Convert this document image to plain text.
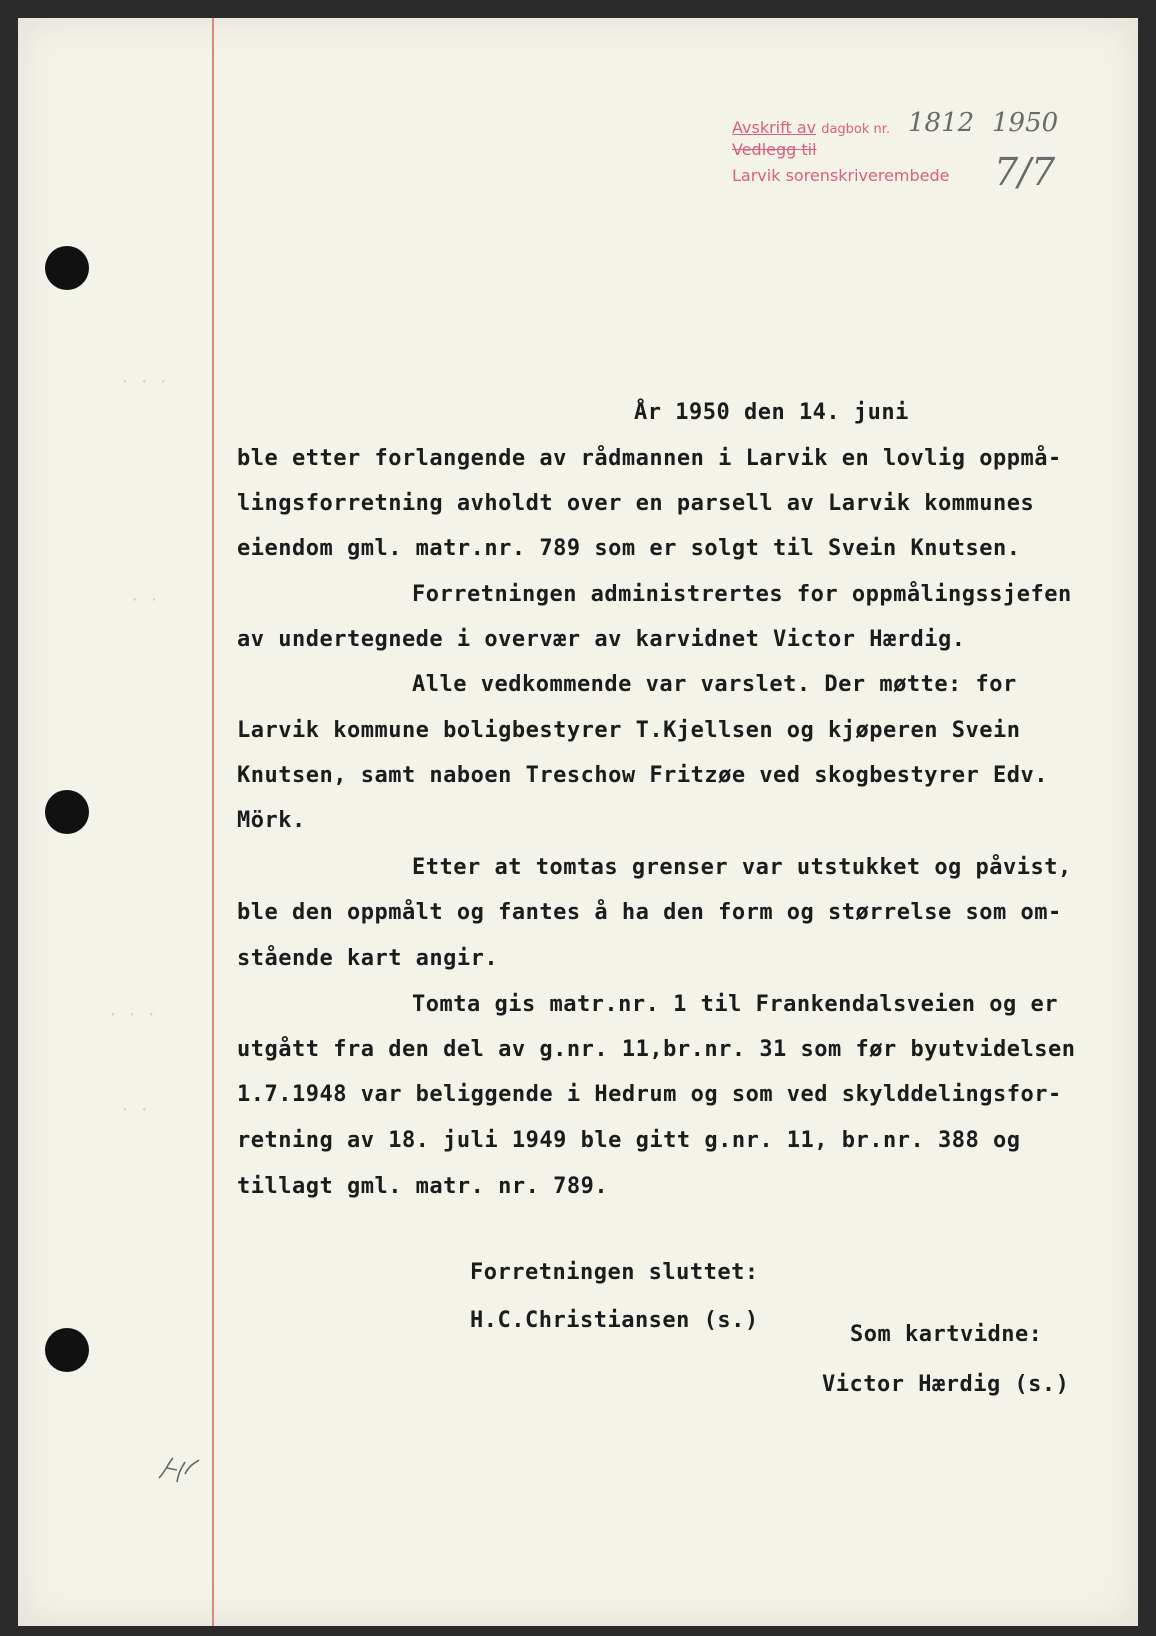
· · ·
· ·
· · ·
· ·
Avskrift av dagbok nr.
Vedlegg til
Larvik sorenskriverembede
1812 1950
7/7
År 1950 den 14. juni
ble etter forlangende av rådmannen i Larvik en lovlig oppmå-
lingsforretning avholdt over en parsell av Larvik kommunes
eiendom gml. matr.nr. 789 som er solgt til Svein Knutsen.
Forretningen administrertes for oppmålingssjefen
av undertegnede i overvær av karvidnet Victor Hærdig.
Alle vedkommende var varslet. Der møtte: for
Larvik kommune boligbestyrer T.Kjellsen og kjøperen Svein
Knutsen, samt naboen Treschow Fritzøe ved skogbestyrer Edv.
Mörk.
Etter at tomtas grenser var utstukket og påvist,
ble den oppmålt og fantes å ha den form og størrelse som om-
stående kart angir.
Tomta gis matr.nr. 1 til Frankendalsveien og er
utgått fra den del av g.nr. 11,br.nr. 31 som før byutvidelsen
1.7.1948 var beliggende i Hedrum og som ved skylddelingsfor-
retning av 18. juli 1949 ble gitt g.nr. 11, br.nr. 388 og
tillagt gml. matr. nr. 789.
Forretningen sluttet:
H.C.Christiansen (s.)
Som kartvidne:
Victor Hærdig (s.)
